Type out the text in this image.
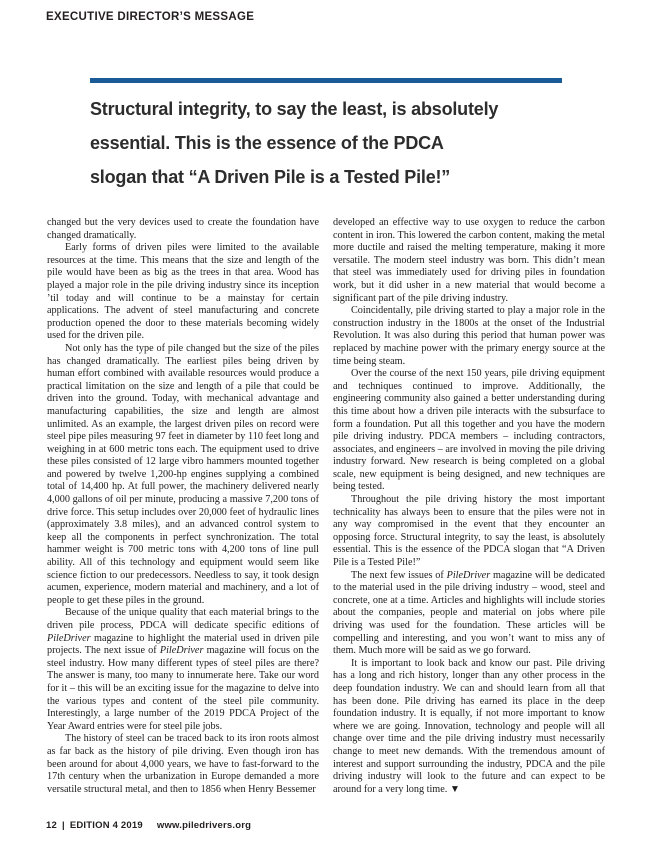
EXECUTIVE DIRECTOR’S MESSAGE
Structural integrity, to say the least, is absolutely
essential. This is the essence of the PDCA
slogan that “A Driven Pile is a Tested Pile!”

changed but the very devices used to create the foundation have changed dramatically.

Early forms of driven piles were limited to the available resources at the time. This means that the size and length of the pile would have been as big as the trees in that area. Wood has played a major role in the pile driving industry since its inception ’til today and will continue to be a mainstay for certain applications. The advent of steel manufacturing and concrete production opened the door to these materials becoming widely used for the driven pile.

Not only has the type of pile changed but the size of the piles has changed dramatically. The earliest piles being driven by human effort combined with available resources would produce a practical limitation on the size and length of a pile that could be driven into the ground. Today, with mechanical advantage and manufacturing capabilities, the size and length are almost unlimited. As an example, the largest driven piles on record were steel pipe piles measuring 97 feet in diameter by 110 feet long and weighing in at 600 metric tons each. The equipment used to drive these piles consisted of 12 large vibro hammers mounted together and powered by twelve 1,200-hp engines supplying a combined total of 14,400 hp. At full power, the machinery delivered nearly 4,000 gallons of oil per minute, producing a massive 7,200 tons of drive force. This setup includes over 20,000 feet of hydraulic lines (approximately 3.8 miles), and an advanced control system to keep all the components in perfect synchronization. The total hammer weight is 700 metric tons with 4,200 tons of line pull ability. All of this technology and equipment would seem like science fiction to our predecessors. Needless to say, it took design acumen, experience, modern material and machinery, and a lot of people to get these piles in the ground.

Because of the unique quality that each material brings to the driven pile process, PDCA will dedicate specific editions of PileDriver magazine to highlight the material used in driven pile projects. The next issue of PileDriver magazine will focus on the steel industry. How many different types of steel piles are there? The answer is many, too many to innumerate here. Take our word for it – this will be an exciting issue for the magazine to delve into the various types and content of the steel pile community. Interestingly, a large number of the 2019 PDCA Project of the Year Award entries were for steel pile jobs.

The history of steel can be traced back to its iron roots almost as far back as the history of pile driving. Even though iron has been around for about 4,000 years, we have to fast-forward to the 17th century when the urbanization in Europe demanded a more versatile structural metal, and then to 1856 when Henry Bessemer

developed an effective way to use oxygen to reduce the carbon content in iron. This lowered the carbon content, making the metal more ductile and raised the melting temperature, making it more versatile. The modern steel industry was born. This didn’t mean that steel was immediately used for driving piles in foundation work, but it did usher in a new material that would become a significant part of the pile driving industry.

Coincidentally, pile driving started to play a major role in the construction industry in the 1800s at the onset of the Industrial Revolution. It was also during this period that human power was replaced by machine power with the primary energy source at the time being steam.

Over the course of the next 150 years, pile driving equipment and techniques continued to improve. Additionally, the engineering community also gained a better understanding during this time about how a driven pile interacts with the subsurface to form a foundation. Put all this together and you have the modern pile driving industry. PDCA members – including contractors, associates, and engineers – are involved in moving the pile driving industry forward. New research is being completed on a global scale, new equipment is being designed, and new techniques are being tested.

Throughout the pile driving history the most important technicality has always been to ensure that the piles were not in any way compromised in the event that they encounter an opposing force. Structural integrity, to say the least, is absolutely essential. This is the essence of the PDCA slogan that “A Driven Pile is a Tested Pile!”

The next few issues of PileDriver magazine will be dedicated to the material used in the pile driving industry – wood, steel and concrete, one at a time. Articles and highlights will include stories about the companies, people and material on jobs where pile driving was used for the foundation. These articles will be compelling and interesting, and you won’t want to miss any of them. Much more will be said as we go forward.

It is important to look back and know our past. Pile driving has a long and rich history, longer than any other process in the deep foundation industry. We can and should learn from all that has been done. Pile driving has earned its place in the deep foundation industry. It is equally, if not more important to know where we are going. Innovation, technology and people will all change over time and the pile driving industry must necessarily change to meet new demands. With the tremendous amount of interest and support surrounding the industry, PDCA and the pile driving industry will look to the future and can expect to be around for a very long time. ▼

12 | EDITION 4 2019 www.piledrivers.org
